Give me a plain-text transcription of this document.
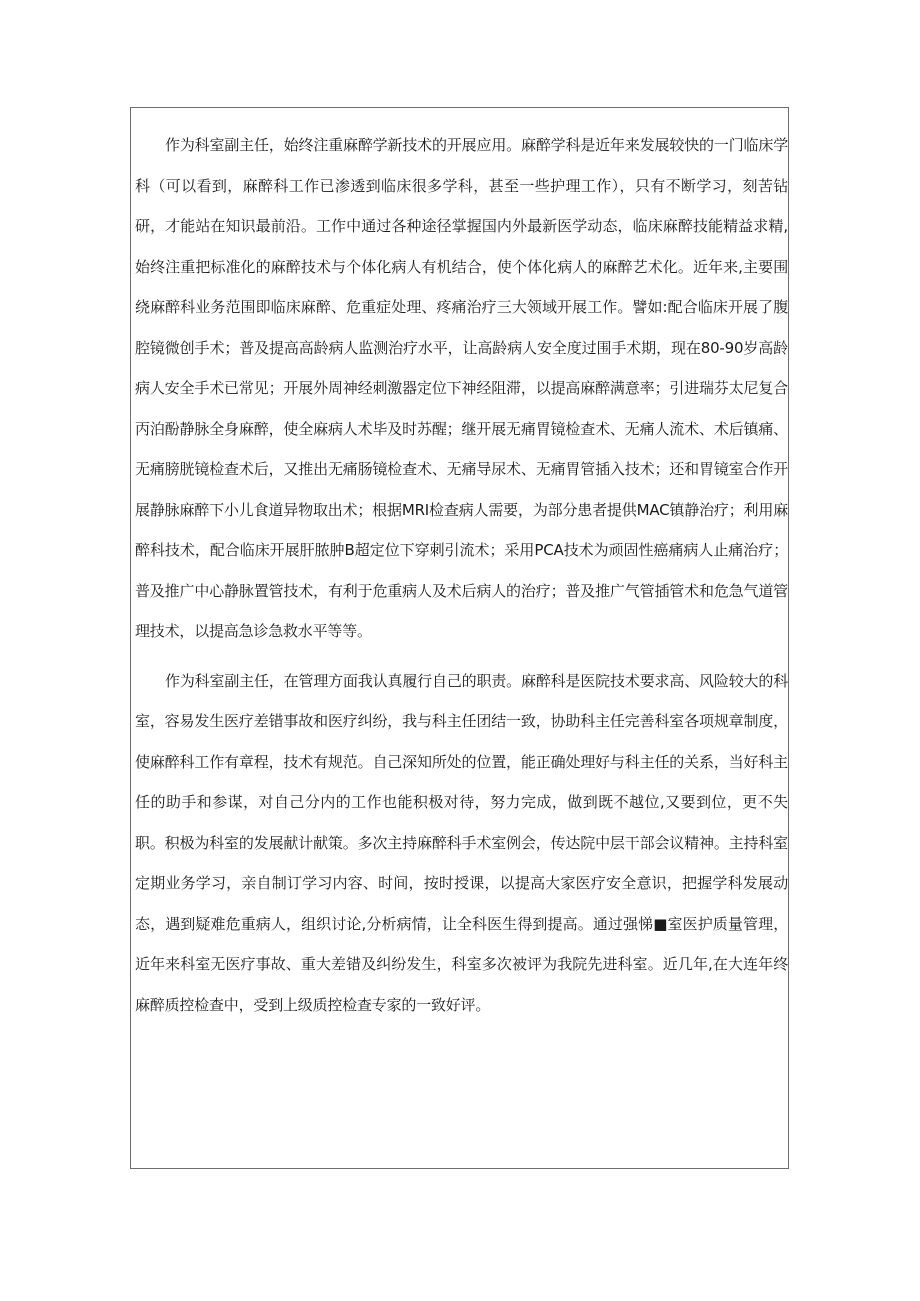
作为科室副主任，始终注重麻醉学新技术的开展应用。麻醉学科是近年来发展较快的一门临床学科（可以看到，麻醉科工作已渗透到临床很多学科，甚至一些护理工作），只有不断学习，刻苦钻研，才能站在知识最前沿。工作中通过各种途径掌握国内外最新医学动态，临床麻醉技能精益求精,始终注重把标准化的麻醉技术与个体化病人有机结合，使个体化病人的麻醉艺术化。近年来,主要围绕麻醉科业务范围即临床麻醉、危重症处理、疼痛治疗三大领域开展工作。譬如:配合临床开展了腹腔镜微创手术；普及提高高龄病人监测治疗水平，让高龄病人安全度过围手术期，现在80-90岁高龄病人安全手术已常见；开展外周神经刺激器定位下神经阻滞，以提高麻醉满意率；引进瑞芬太尼复合丙泊酚静脉全身麻醉，使全麻病人术毕及时苏醒；继开展无痛胃镜检查术、无痛人流术、术后镇痛、无痛膀胱镜检查术后，又推出无痛肠镜检查术、无痛导尿术、无痛胃管插入技术；还和胃镜室合作开展静脉麻醉下小儿食道异物取出术；根据MRI检查病人需要，为部分患者提供MAC镇静治疗；利用麻醉科技术，配合临床开展肝脓肿B超定位下穿刺引流术；采用PCA技术为顽固性癌痛病人止痛治疗；普及推广中心静脉置管技术，有利于危重病人及术后病人的治疗；普及推广气管插管术和危急气道管理技术，以提高急诊急救水平等等。

作为科室副主任，在管理方面我认真履行自己的职责。麻醉科是医院技术要求高、风险较大的科室，容易发生医疗差错事故和医疗纠纷，我与科主任团结一致，协助科主任完善科室各项规章制度，使麻醉科工作有章程，技术有规范。自己深知所处的位置，能正确处理好与科主任的关系，当好科主任的助手和参谋，对自己分内的工作也能积极对待，努力完成，做到既不越位,又要到位，更不失职。积极为科室的发展献计献策。多次主持麻醉科手术室例会，传达院中层干部会议精神。主持科室定期业务学习，亲自制订学习内容、时间，按时授课，以提高大家医疗安全意识，把握学科发展动态，遇到疑难危重病人，组织讨论,分析病情，让全科医生得到提高。通过强悌■室医护质量管理，近年来科室无医疗事故、重大差错及纠纷发生，科室多次被评为我院先进科室。近几年,在大连年终麻醉质控检查中，受到上级质控检查专家的一致好评。
